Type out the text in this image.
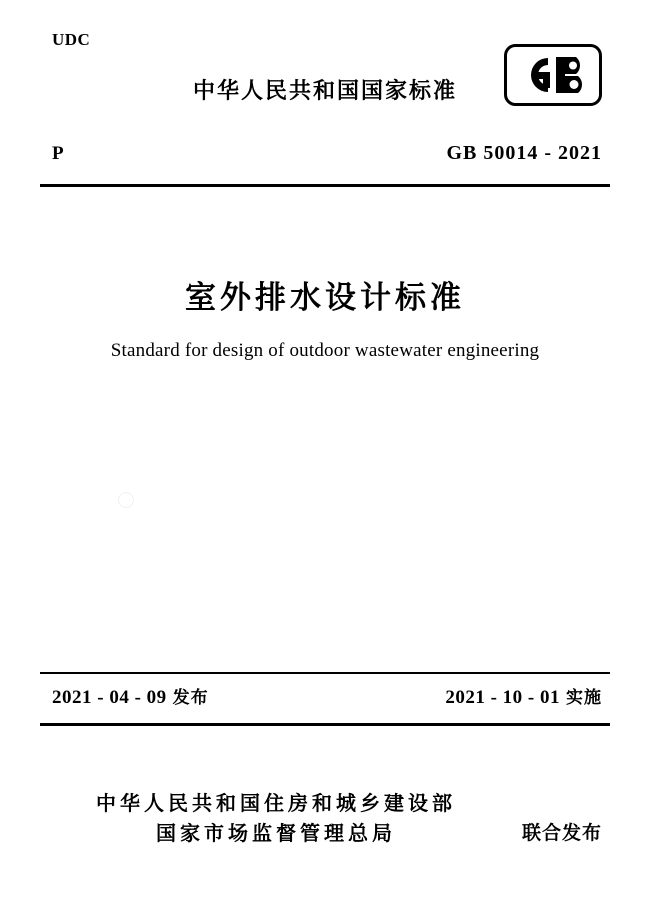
UDC
中华人民共和国国家标准
P	GB 50014 - 2021
室外排水设计标准
Standard for design of outdoor wastewater engineering
2021 - 04 - 09 发布	2021 - 10 - 01 实施
中华人民共和国住房和城乡建设部
国家市场监督管理总局	联合发布
